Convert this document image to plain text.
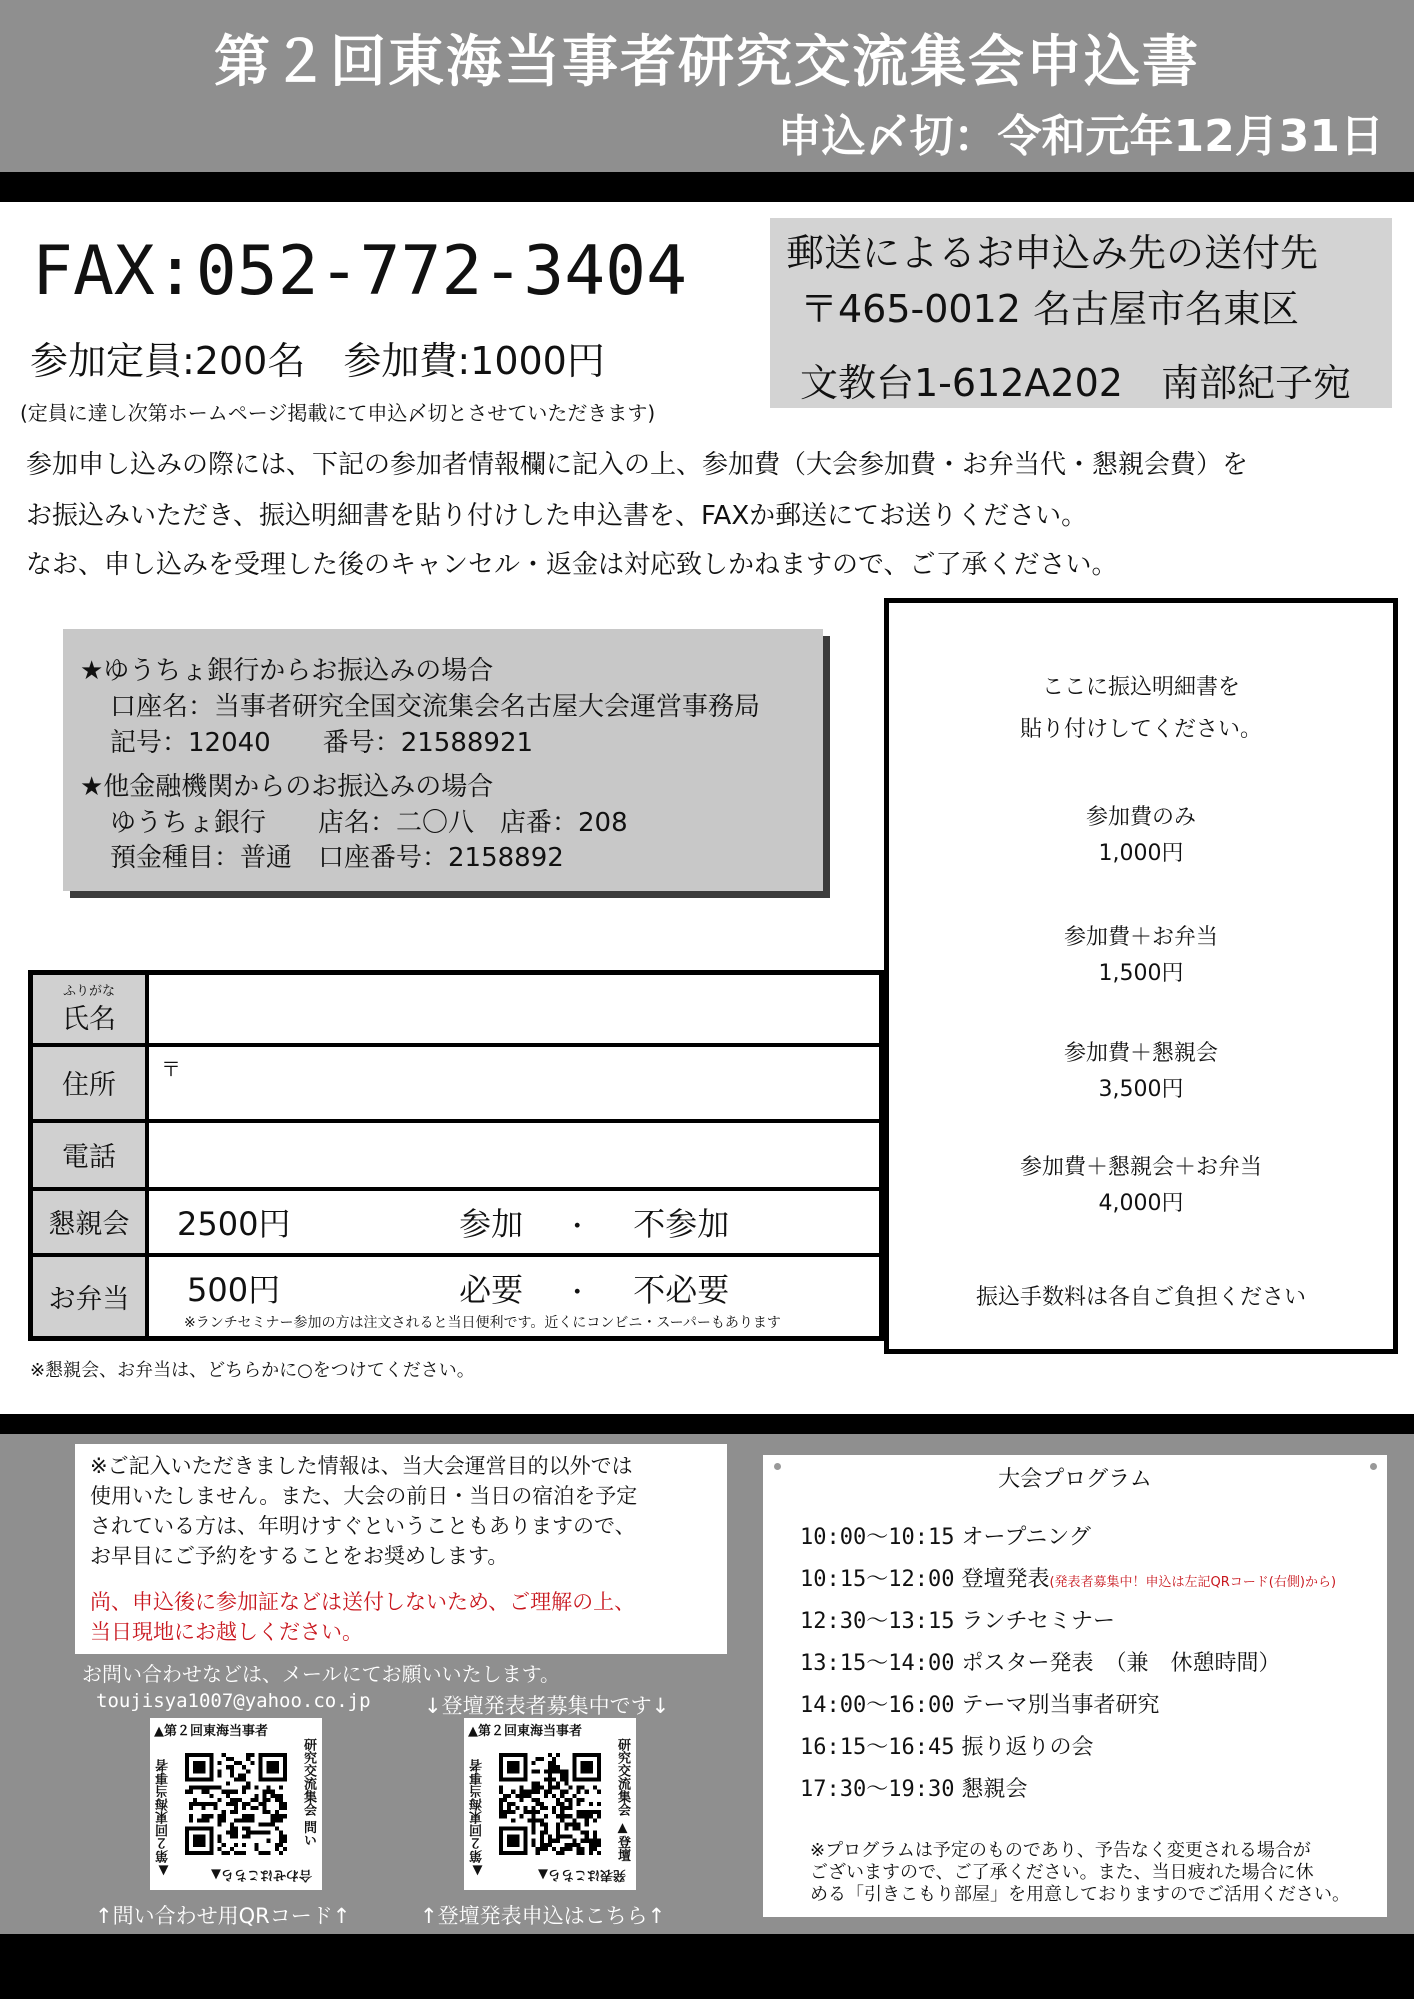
第２回東海当事者研究交流集会申込書
申込〆切：令和元年12月31日
FAX:052-772-3404
参加定員:200名　参加費:1000円
(定員に達し次第ホームページ掲載にて申込〆切とさせていただきます)
郵送によるお申込み先の送付先
〒465-0012 名古屋市名東区
文教台1-612A202　南部紀子宛
参加申し込みの際には、下記の参加者情報欄に記入の上、参加費（大会参加費・お弁当代・懇親会費）を
お振込みいただき、振込明細書を貼り付けした申込書を、FAXか郵送にてお送りください。
なお、申し込みを受理した後のキャンセル・返金は対応致しかねますので、ご了承ください。
★ゆうちょ銀行からお振込みの場合
口座名：当事者研究全国交流集会名古屋大会運営事務局
記号：12040　　番号：21588921
★他金融機関からのお振込みの場合
ゆうちょ銀行　　店名：二〇八　店番：208
預金種目：普通　口座番号：2158892
ここに振込明細書を
貼り付けしてください。
参加費のみ
1,000円
参加費＋お弁当
1,500円
参加費＋懇親会
3,500円
参加費＋懇親会＋お弁当
4,000円
振込手数料は各自ご負担ください
ふりがな
氏名	
住所	〒
電話	
懇親会	2500円 参加 ・ 不参加
お弁当	500円 必要 ・ 不必要
※ランチセミナー参加の方は注文されると当日便利です。近くにコンビニ・スーパーもあります
※懇親会、お弁当は、どちらかに○をつけてください。
※ご記入いただきました情報は、当大会運営目的以外では
使用いたしません。また、大会の前日・当日の宿泊を予定
されている方は、年明けすぐということもありますので、
お早目にご予約をすることをお奨めします。
尚、申込後に参加証などは送付しないため、ご理解の上、
当日現地にお越しください。
お問い合わせなどは、メールにてお願いいたします。
toujisya1007@yahoo.co.jp	↓登壇発表者募集中です↓
▲第２回東海当事者
研究交流集会 問い
合わせはこちら▲
▲第２回東海当事者
↑問い合わせ用QRコード↑
▲第２回東海当事者
研究交流集会 ▲登壇
発表はこちら▲
▲第２回東海当事者
↑登壇発表申込はこちら↑
大会プログラム
10:00～10:15 オープニング
10:15～12:00 登壇発表(発表者募集中！申込は左記QRコード(右側)から)
12:30～13:15 ランチセミナー
13:15～14:00 ポスター発表　（兼　休憩時間）
14:00～16:00 テーマ別当事者研究
16:15～16:45 振り返りの会
17:30～19:30 懇親会
※プログラムは予定のものであり、予告なく変更される場合が
ございますので、ご了承ください。また、当日疲れた場合に休
める「引きこもり部屋」を用意しておりますのでご活用ください。
